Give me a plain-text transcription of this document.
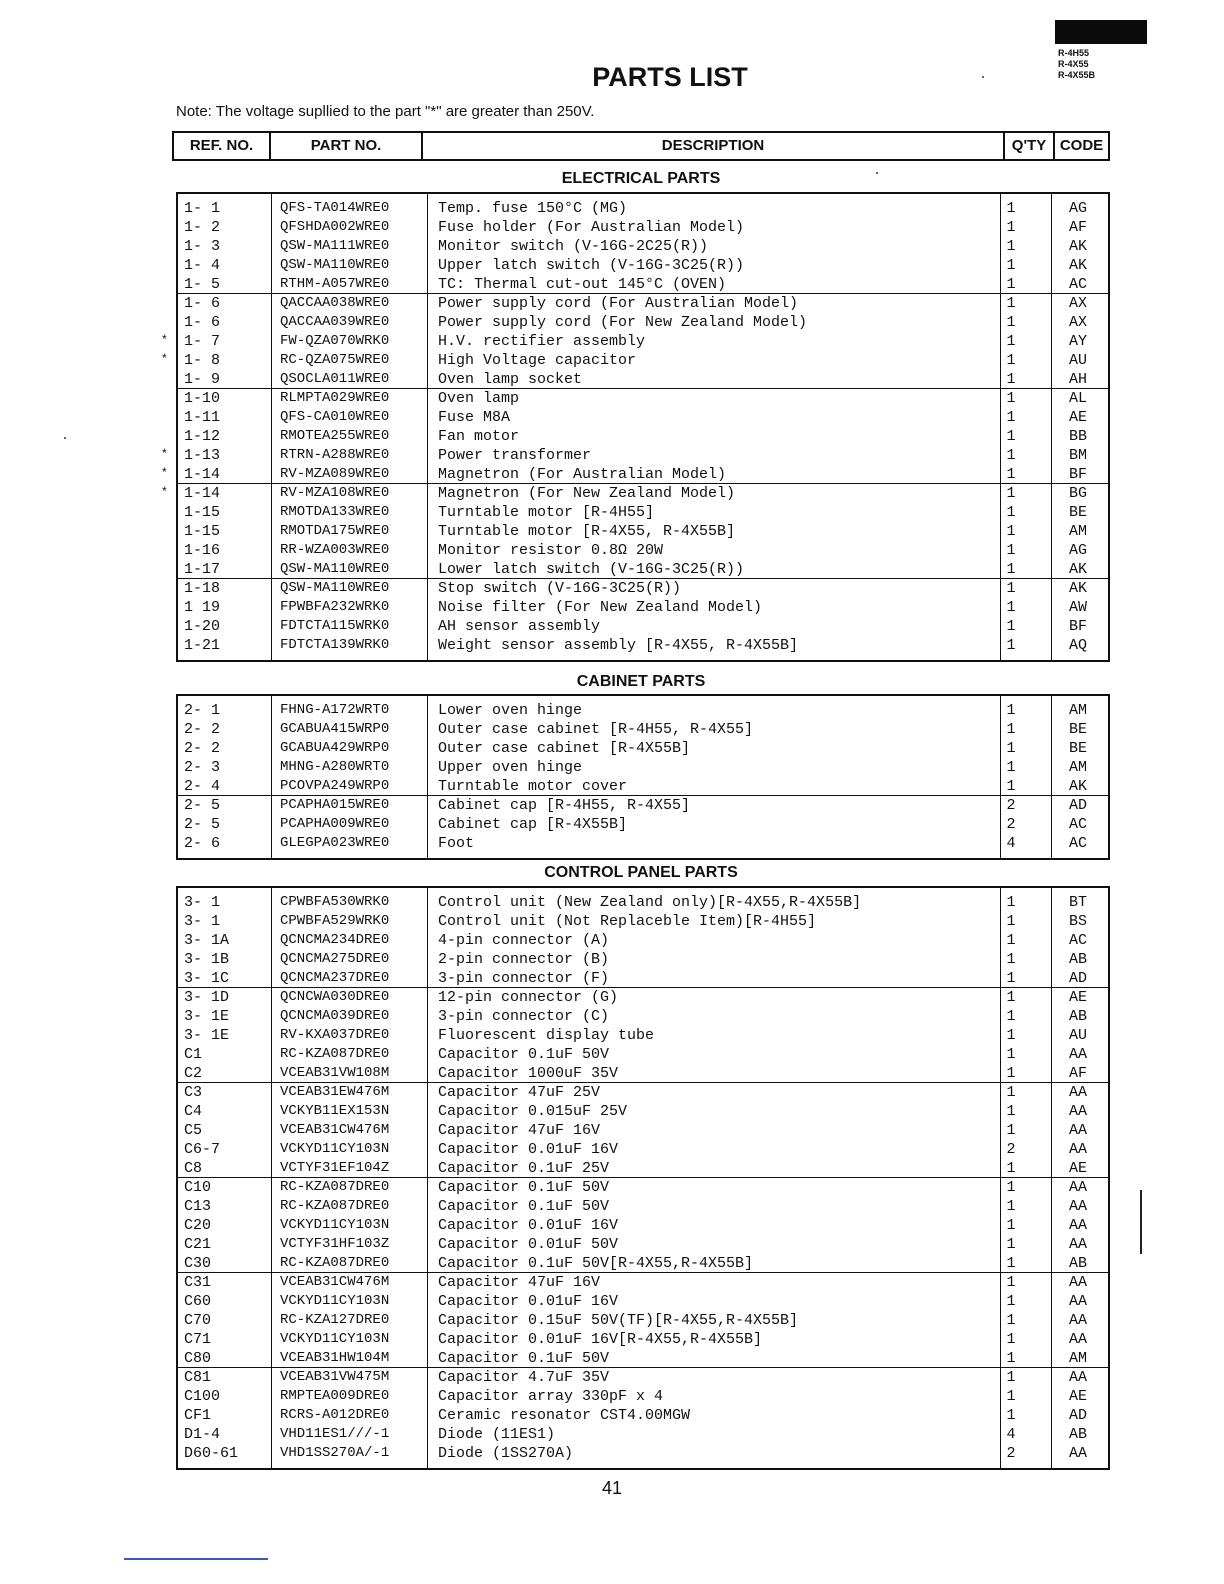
R-4H55
R-4X55
R-4X55B
PARTS LIST
Note: The voltage supllied to the part "*" are greater than 250V.
REF. NO.	PART NO.	DESCRIPTION	Q'TY CODE
ELECTRICAL PARTS
1- 1	QFS-TA014WRE0	Temp. fuse 150°C (MG)	1	AG
1- 2	QFSHDA002WRE0	Fuse holder (For Australian Model)	1	AF
1- 3	QSW-MA111WRE0	Monitor switch (V-16G-2C25(R))	1	AK
1- 4	QSW-MA110WRE0	Upper latch switch (V-16G-3C25(R))	1	AK
1- 5	RTHM-A057WRE0	TC: Thermal cut-out 145°C (OVEN)	1	AC
1- 6	QACCAA038WRE0	Power supply cord (For Australian Model)	1	AX
1- 6	QACCAA039WRE0	Power supply cord (For New Zealand Model)	1	AX
1- 7	FW-QZA070WRK0	H.V. rectifier assembly	1	AY
*
1- 8	RC-QZA075WRE0	High Voltage capacitor	1	AU
*
1- 9	QSOCLA011WRE0	Oven lamp socket	1	AH
1-10	RLMPTA029WRE0	Oven lamp	1	AL
1-11	QFS-CA010WRE0	Fuse M8A	1	AE
1-12	RMOTEA255WRE0	Fan motor	1	BB
1-13	RTRN-A288WRE0	Power transformer	1	BM
*
1-14	RV-MZA089WRE0	Magnetron (For Australian Model)	1	BF
*
1-14	RV-MZA108WRE0	Magnetron (For New Zealand Model)	1	BG
*
1-15	RMOTDA133WRE0	Turntable motor [R-4H55]	1	BE
1-15	RMOTDA175WRE0	Turntable motor [R-4X55, R-4X55B]	1	AM
1-16	RR-WZA003WRE0	Monitor resistor 0.8Ω 20W	1	AG
1-17	QSW-MA110WRE0	Lower latch switch (V-16G-3C25(R))	1	AK
1-18	QSW-MA110WRE0	Stop switch (V-16G-3C25(R))	1	AK
1 19	FPWBFA232WRK0	Noise filter (For New Zealand Model)	1	AW
1-20	FDTCTA115WRK0	AH sensor assembly	1	BF
1-21	FDTCTA139WRK0	Weight sensor assembly [R-4X55, R-4X55B]	1	AQ
CABINET PARTS
2- 1	FHNG-A172WRT0	Lower oven hinge	1	AM
2- 2	GCABUA415WRP0	Outer case cabinet [R-4H55, R-4X55]	1	BE
2- 2	GCABUA429WRP0	Outer case cabinet [R-4X55B]	1	BE
2- 3	MHNG-A280WRT0	Upper oven hinge	1	AM
2- 4	PCOVPA249WRP0	Turntable motor cover	1	AK
2- 5	PCAPHA015WRE0	Cabinet cap [R-4H55, R-4X55]	2	AD
2- 5	PCAPHA009WRE0	Cabinet cap [R-4X55B]	2	AC
2- 6	GLEGPA023WRE0	Foot	4	AC
CONTROL PANEL PARTS
3- 1	CPWBFA530WRK0	Control unit (New Zealand only)[R-4X55,R-4X55B]	1	BT
3- 1	CPWBFA529WRK0	Control unit (Not Replaceble Item)[R-4H55]	1	BS
3- 1A	QCNCMA234DRE0	4-pin connector (A)	1	AC
3- 1B	QCNCMA275DRE0	2-pin connector (B)	1	AB
3- 1C	QCNCMA237DRE0	3-pin connector (F)	1	AD
3- 1D	QCNCWA030DRE0	12-pin connector (G)	1	AE
3- 1E	QCNCMA039DRE0	3-pin connector (C)	1	AB
3- 1E	RV-KXA037DRE0	Fluorescent display tube	1	AU
C1	RC-KZA087DRE0	Capacitor 0.1uF 50V	1	AA
C2	VCEAB31VW108M	Capacitor 1000uF 35V	1	AF
C3	VCEAB31EW476M	Capacitor 47uF 25V	1	AA
C4	VCKYB11EX153N	Capacitor 0.015uF 25V	1	AA
C5	VCEAB31CW476M	Capacitor 47uF 16V	1	AA
C6-7	VCKYD11CY103N	Capacitor 0.01uF 16V	2	AA
C8	VCTYF31EF104Z	Capacitor 0.1uF 25V	1	AE
C10	RC-KZA087DRE0	Capacitor 0.1uF 50V	1	AA
C13	RC-KZA087DRE0	Capacitor 0.1uF 50V	1	AA
C20	VCKYD11CY103N	Capacitor 0.01uF 16V	1	AA
C21	VCTYF31HF103Z	Capacitor 0.01uF 50V	1	AA
C30	RC-KZA087DRE0	Capacitor 0.1uF 50V[R-4X55,R-4X55B]	1	AB
C31	VCEAB31CW476M	Capacitor 47uF 16V	1	AA
C60	VCKYD11CY103N	Capacitor 0.01uF 16V	1	AA
C70	RC-KZA127DRE0	Capacitor 0.15uF 50V(TF)[R-4X55,R-4X55B]	1	AA
C71	VCKYD11CY103N	Capacitor 0.01uF 16V[R-4X55,R-4X55B]	1	AA
C80	VCEAB31HW104M	Capacitor 0.1uF 50V	1	AM
C81	VCEAB31VW475M	Capacitor 4.7uF 35V	1	AA
C100	RMPTEA009DRE0	Capacitor array 330pF x 4	1	AE
CF1	RCRS-A012DRE0	Ceramic resonator CST4.00MGW	1	AD
D1-4	VHD11ES1///-1	Diode (11ES1)	4	AB
D60-61	VHD1SS270A/-1	Diode (1SS270A)	2	AA
41
